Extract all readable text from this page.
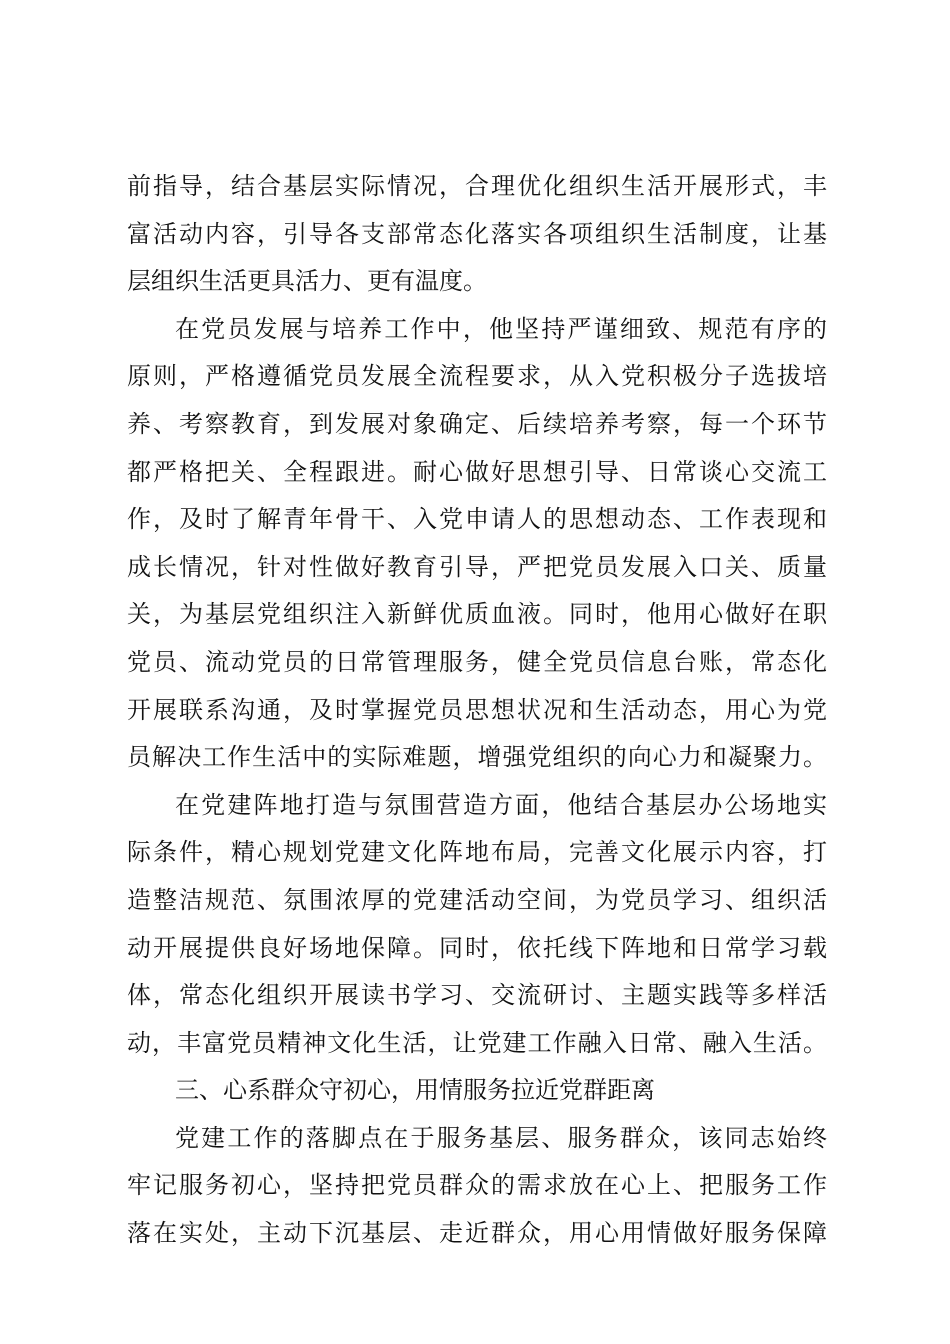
前指导，结合基层实际情况，合理优化组织生活开展形式，丰
富活动内容，引导各支部常态化落实各项组织生活制度，让基
层组织生活更具活力、更有温度。
在党员发展与培养工作中，他坚持严谨细致、规范有序的
原则，严格遵循党员发展全流程要求，从入党积极分子选拔培
养、考察教育，到发展对象确定、后续培养考察，每一个环节
都严格把关、全程跟进。耐心做好思想引导、日常谈心交流工
作，及时了解青年骨干、入党申请人的思想动态、工作表现和
成长情况，针对性做好教育引导，严把党员发展入口关、质量
关，为基层党组织注入新鲜优质血液。同时，他用心做好在职
党员、流动党员的日常管理服务，健全党员信息台账，常态化
开展联系沟通，及时掌握党员思想状况和生活动态，用心为党
员解决工作生活中的实际难题，增强党组织的向心力和凝聚力。
在党建阵地打造与氛围营造方面，他结合基层办公场地实
际条件，精心规划党建文化阵地布局，完善文化展示内容，打
造整洁规范、氛围浓厚的党建活动空间，为党员学习、组织活
动开展提供良好场地保障。同时，依托线下阵地和日常学习载
体，常态化组织开展读书学习、交流研讨、主题实践等多样活
动，丰富党员精神文化生活，让党建工作融入日常、融入生活。
三、心系群众守初心，用情服务拉近党群距离
党建工作的落脚点在于服务基层、服务群众，该同志始终
牢记服务初心，坚持把党员群众的需求放在心上、把服务工作
落在实处，主动下沉基层、走近群众，用心用情做好服务保障
